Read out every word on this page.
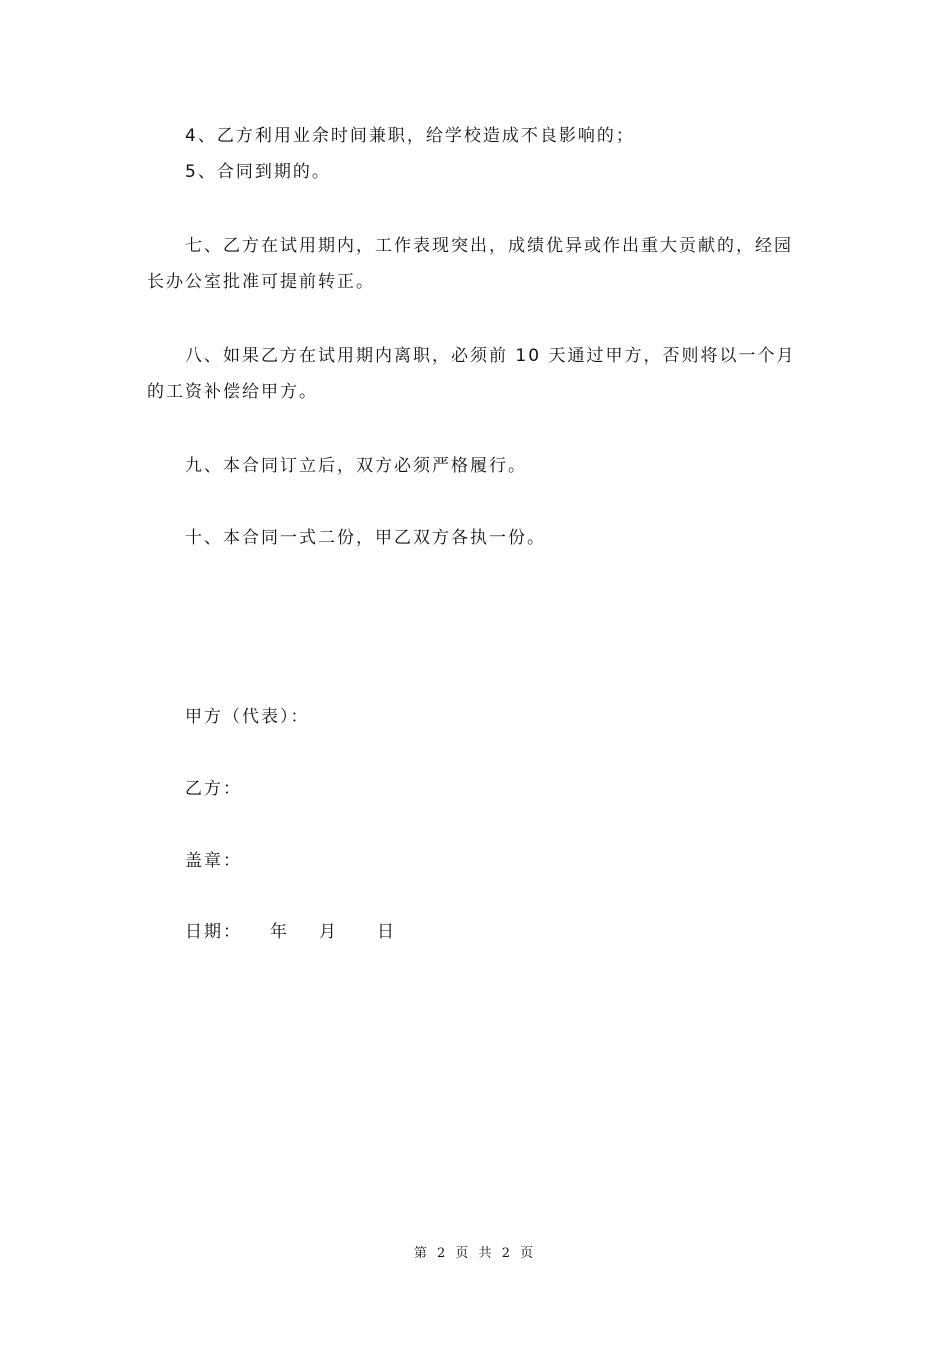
4、乙方利用业余时间兼职，给学校造成不良影响的；
5、合同到期的。
七、乙方在试用期内，工作表现突出，成绩优异或作出重大贡献的，经园
长办公室批准可提前转正。
八、如果乙方在试用期内离职，必须前 10 天通过甲方，否则将以一个月
的工资补偿给甲方。
九、本合同订立后，双方必须严格履行。
十、本合同一式二份，甲乙双方各执一份。
甲方（代表）：
乙方：
盖章：
日期： 年 月 日
第 2 页 共 2 页
